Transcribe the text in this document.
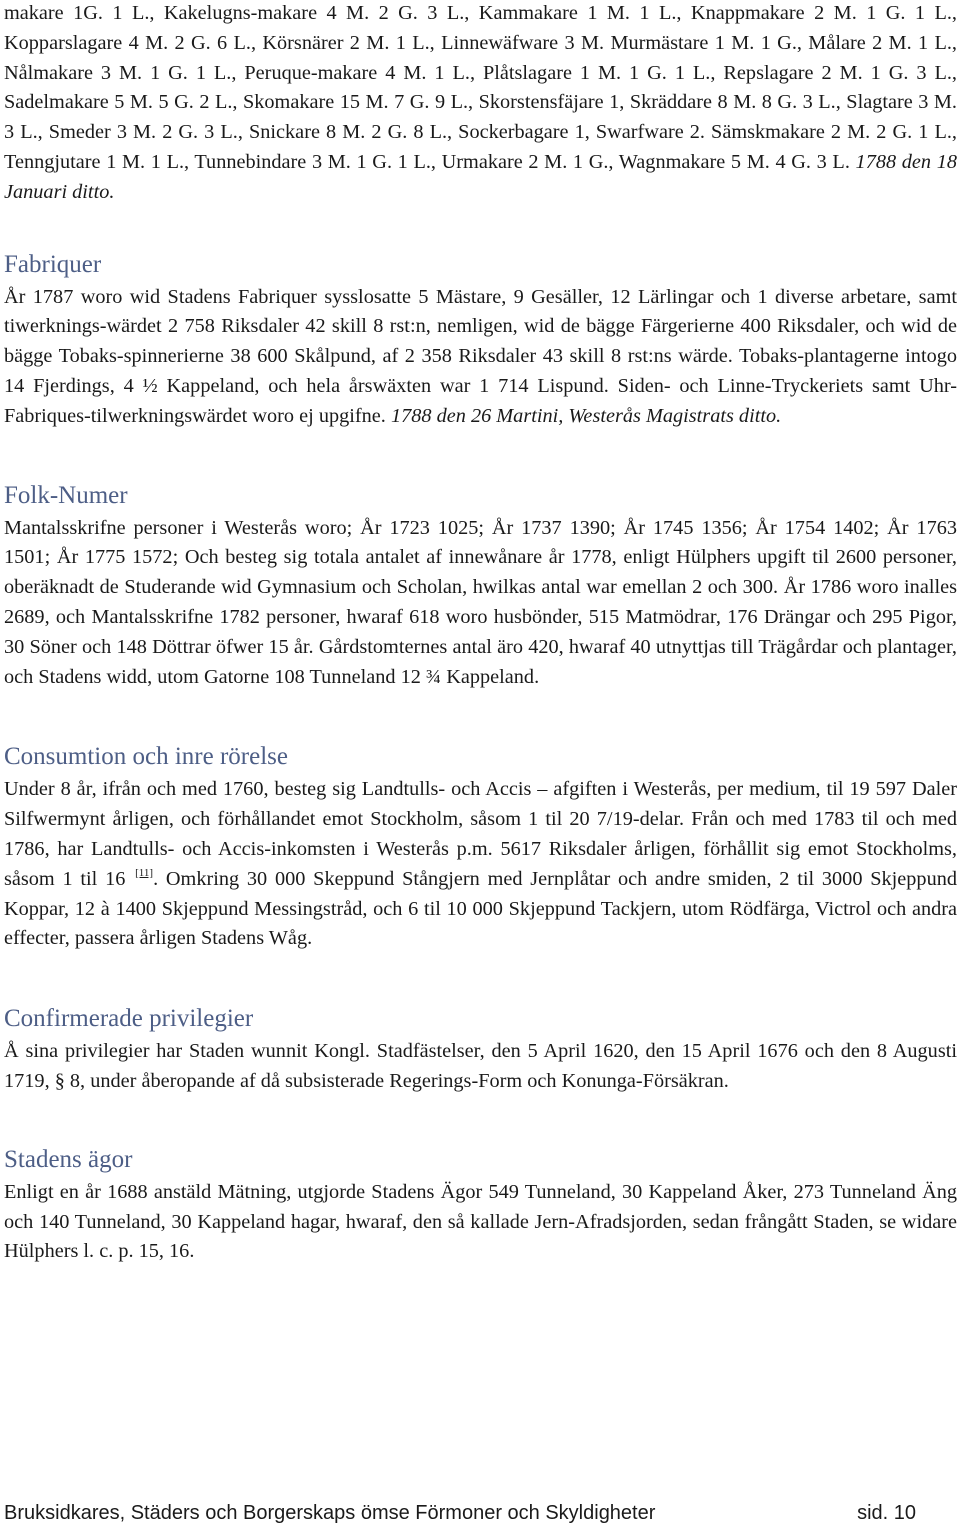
makare 1G. 1 L., Kakelugns-makare 4 M. 2 G. 3 L., Kammakare 1 M. 1 L., Knappmakare 2 M. 1 G. 1 L., Kopparslagare 4 M. 2 G. 6 L., Körsnärer 2 M. 1 L., Linnewäfware 3 M. Murmästare 1 M. 1 G., Målare 2 M. 1 L., Nålmakare 3 M. 1 G. 1 L., Peruque-makare 4 M. 1 L., Plåtslagare 1 M. 1 G. 1 L., Repslagare 2 M. 1 G. 3 L., Sadelmakare 5 M. 5 G. 2 L., Skomakare 15 M. 7 G. 9 L., Skorstensfäjare 1, Skräddare 8 M. 8 G. 3 L., Slagtare 3 M. 3 L., Smeder 3 M. 2 G. 3 L., Snickare 8 M. 2 G. 8 L., Sockerbagare 1, Swarfware 2. Sämskmakare 2 M. 2 G. 1 L., Tenngjutare 1 M. 1 L., Tunnebindare 3 M. 1 G. 1 L., Urmakare 2 M. 1 G., Wagnmakare 5 M. 4 G. 3 L. 1788 den 18 Januari ditto.

Fabriquer

År 1787 woro wid Stadens Fabriquer sysslosatte 5 Mästare, 9 Gesäller, 12 Lärlingar och 1 diverse arbetare, samt tiwerknings-wärdet 2 758 Riksdaler 42 skill 8 rst:n, nemligen, wid de bägge Färgerierne 400 Riksdaler, och wid de bägge Tobaks-spinnerierne 38 600 Skålpund, af 2 358 Riksdaler 43 skill 8 rst:ns wärde. Tobaks-plantagerne intogo 14 Fjerdings, 4 ½ Kappeland, och hela årswäxten war 1 714 Lispund. Siden- och Linne-Tryckeriets samt Uhr-Fabriques-tilwerkningswärdet woro ej upgifne. 1788 den 26 Martini, Westerås Magistrats ditto.

Folk-Numer

Mantalsskrifne personer i Westerås woro; År 1723 1025; År 1737 1390; År 1745 1356; År 1754 1402; År 1763 1501; År 1775 1572; Och besteg sig totala antalet af innewånare år 1778, enligt Hülphers upgift til 2600 personer, oberäknadt de Studerande wid Gymnasium och Scholan, hwilkas antal war emellan 2 och 300. År 1786 woro inalles 2689, och Mantalsskrifne 1782 personer, hwaraf 618 woro husbönder, 515 Matmödrar, 176 Drängar och 295 Pigor, 30 Söner och 148 Döttrar öfwer 15 år. Gårdstomternes antal äro 420, hwaraf 40 utnyttjas till Trägårdar och plantager, och Stadens widd, utom Gatorne 108 Tunneland 12 ¾ Kappeland.

Consumtion och inre rörelse

Under 8 år, ifrån och med 1760, besteg sig Landtulls- och Accis – afgiften i Westerås, per medium, til 19 597 Daler Silfwermynt årligen, och förhållandet emot Stockholm, såsom 1 til 20 7/19-delar. Från och med 1783 til och med 1786, har Landtulls- och Accis-inkomsten i Westerås p.m. 5617 Riksdaler årligen, förhållit sig emot Stockholms, såsom 1 til 16 [11]. Omkring 30 000 Skeppund Stångjern med Jernplåtar och andre smiden, 2 til 3000 Skjeppund Koppar, 12 à 1400 Skjeppund Messingstråd, och 6 til 10 000 Skjeppund Tackjern, utom Rödfärga, Victrol och andra effecter, passera årligen Stadens Wåg.

Confirmerade privilegier

Å sina privilegier har Staden wunnit Kongl. Stadfästelser, den 5 April 1620, den 15 April 1676 och den 8 Augusti 1719, § 8, under åberopande af då subsisterade Regerings-Form och Konunga-Försäkran.

Stadens ägor

Enligt en år 1688 anstäld Mätning, utgjorde Stadens Ägor 549 Tunneland, 30 Kappeland Åker, 273 Tunneland Äng och 140 Tunneland, 30 Kappeland hagar, hwaraf, den så kallade Jern-Afradsjorden, sedan frångått Staden, se widare Hülphers l. c. p. 15, 16.

Bruksidkares, Städers och Borgerskaps ömse Förmoner och Skyldigheter	sid. 10
